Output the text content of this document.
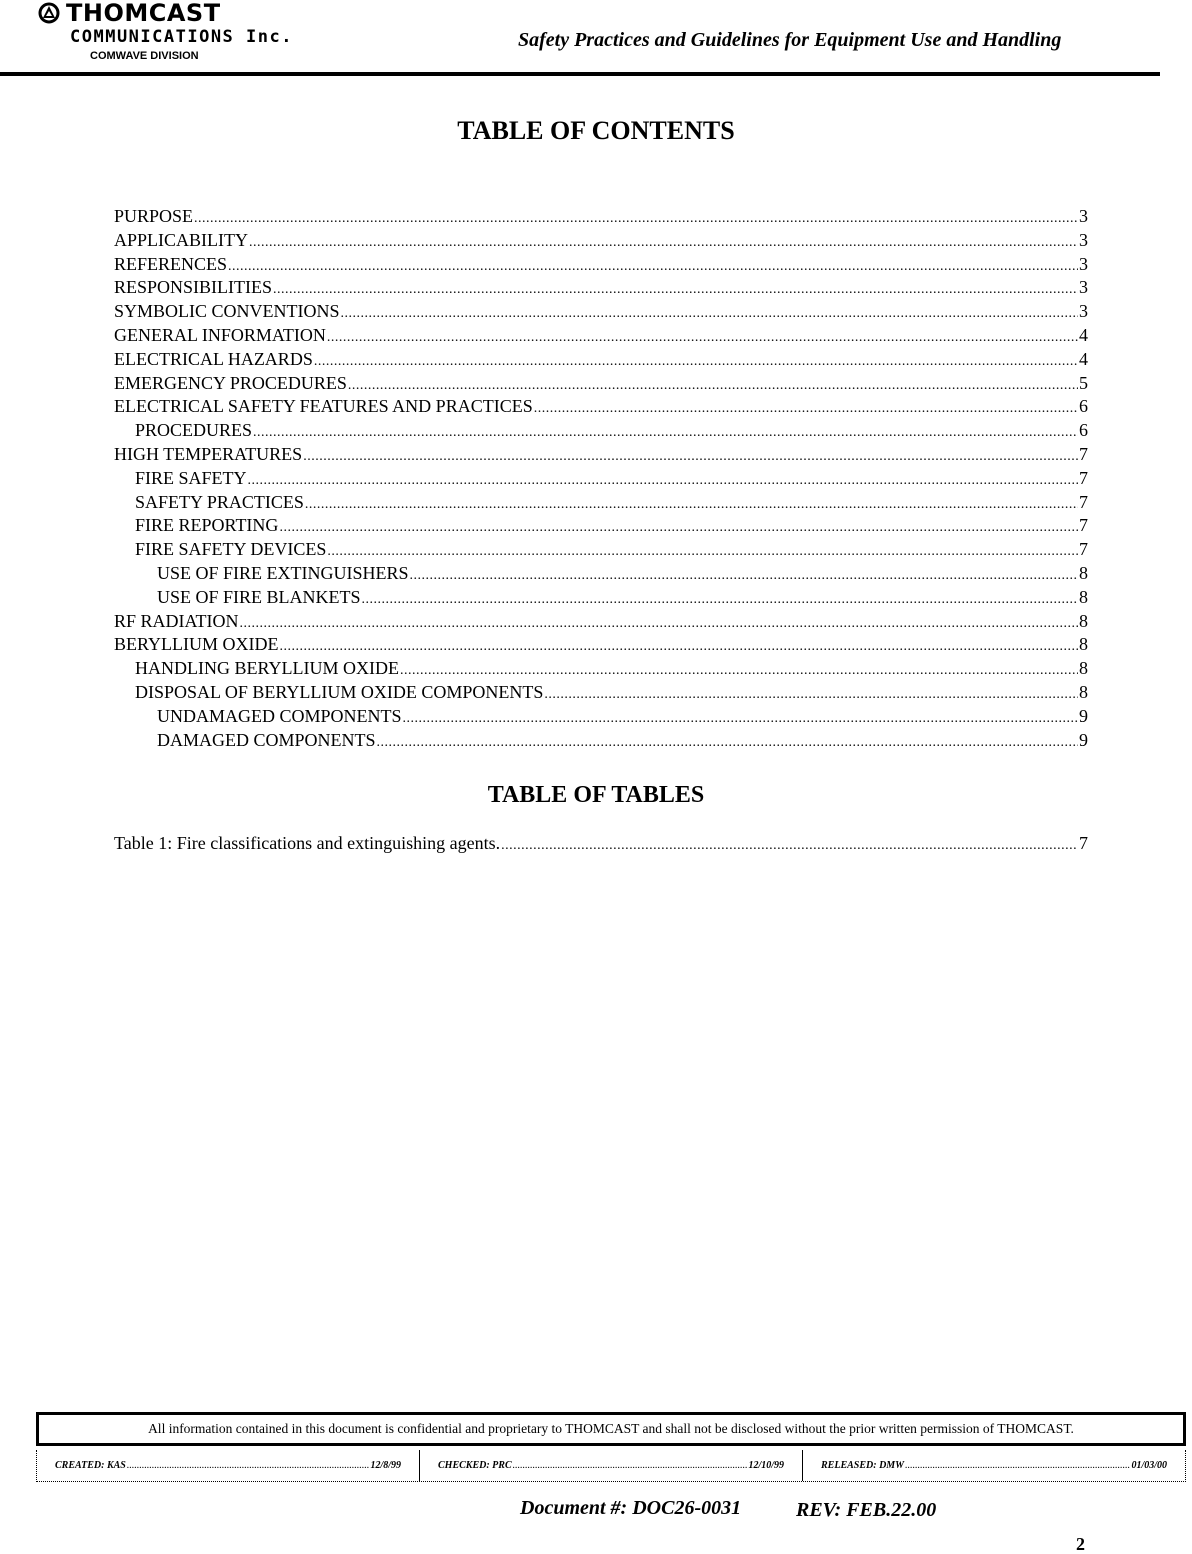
THOMCAST
COMMUNICATIONS Inc.
COMWAVE DIVISION
Safety Practices and Guidelines for Equipment Use and Handling
TABLE OF CONTENTS
PURPOSE .....	3
APPLICABILITY .....	3
REFERENCES .....	3
RESPONSIBILITIES .....	3
SYMBOLIC CONVENTIONS .....	3
GENERAL INFORMATION .....	4
ELECTRICAL HAZARDS .....	4
EMERGENCY PROCEDURES .....	5
ELECTRICAL SAFETY FEATURES AND PRACTICES .....	6
PROCEDURES .....	6
HIGH TEMPERATURES .....	7
FIRE SAFETY .....	7
SAFETY PRACTICES .....	7
FIRE REPORTING .....	7
FIRE SAFETY DEVICES .....	7
USE OF FIRE EXTINGUISHERS .....	8
USE OF FIRE BLANKETS .....	8
RF RADIATION .....	8
BERYLLIUM OXIDE .....	8
HANDLING BERYLLIUM OXIDE .....	8
DISPOSAL OF BERYLLIUM OXIDE COMPONENTS .....	8
UNDAMAGED COMPONENTS .....	9
DAMAGED COMPONENTS .....	9
TABLE OF TABLES
Table 1: Fire classifications and extinguishing agents. .....	7
All information contained in this document is confidential and proprietary to THOMCAST and shall not be disclosed without the prior written permission of THOMCAST.
CREATED: KAS .....	12/8/99	CHECKED: PRC .....	12/10/99	RELEASED: DMW .....	01/03/00
Document #: DOC26-0031	REV: FEB.22.00
2
